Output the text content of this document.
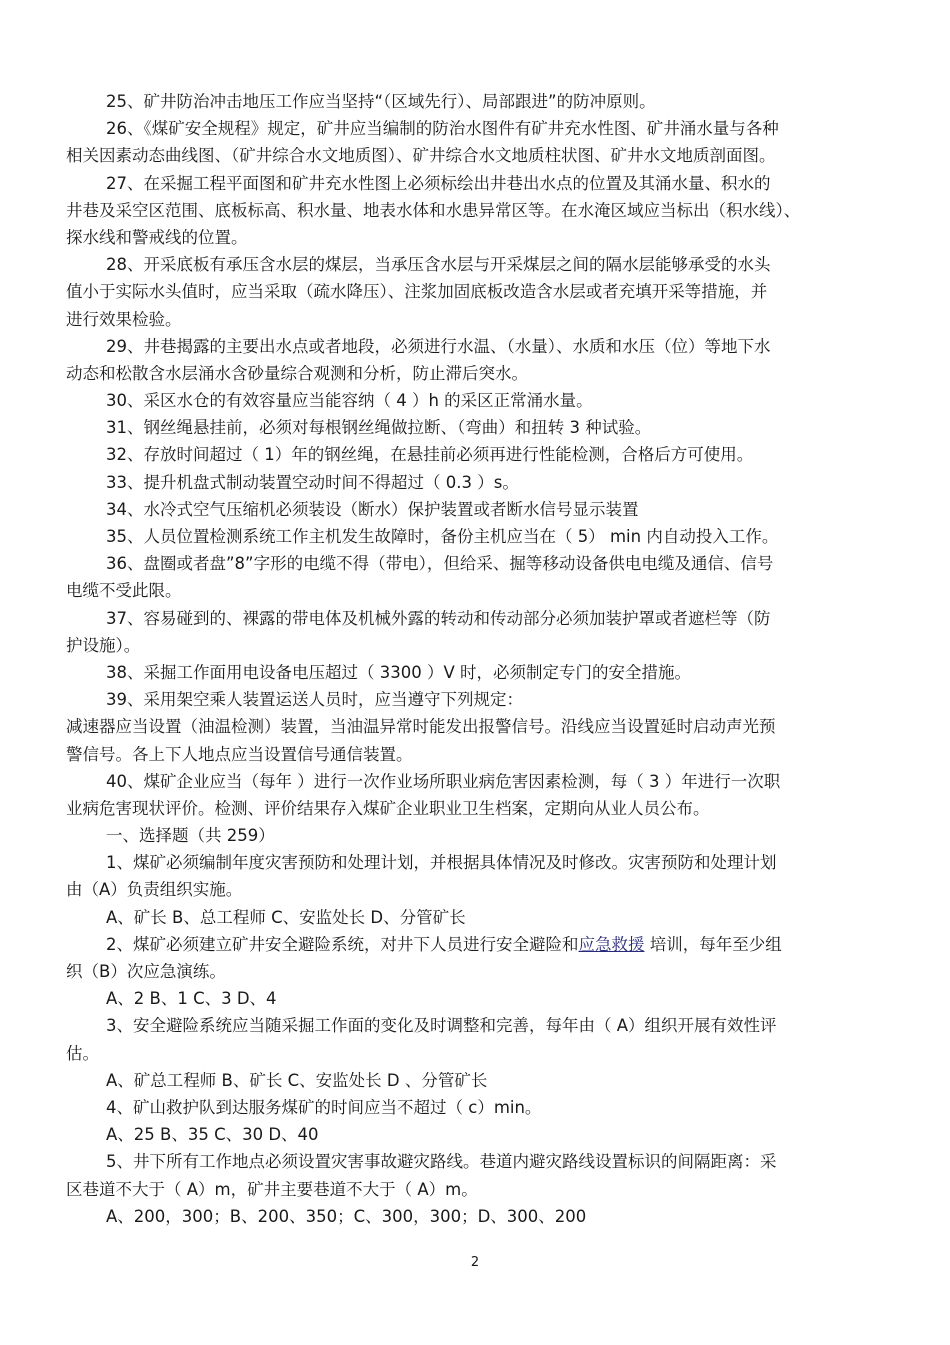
25、矿井防治冲击地压工作应当坚持“（区域先行）、局部跟进”的防冲原则。
26、《煤矿安全规程》规定，矿井应当编制的防治水图件有矿井充水性图、矿井涌水量与各种
相关因素动态曲线图、（矿井综合水文地质图）、矿井综合水文地质柱状图、矿井水文地质剖面图。
27、在采掘工程平面图和矿井充水性图上必须标绘出井巷出水点的位置及其涌水量、积水的
井巷及采空区范围、底板标高、积水量、地表水体和水患异常区等。在水淹区域应当标出（积水线）、
探水线和警戒线的位置。
28、开采底板有承压含水层的煤层，当承压含水层与开采煤层之间的隔水层能够承受的水头
值小于实际水头值时，应当采取（疏水降压）、注浆加固底板改造含水层或者充填开采等措施，并
进行效果检验。
29、井巷揭露的主要出水点或者地段，必须进行水温、（水量）、水质和水压（位）等地下水
动态和松散含水层涌水含砂量综合观测和分析，防止滞后突水。
30、采区水仓的有效容量应当能容纳（ 4 ）h 的采区正常涌水量。
31、钢丝绳悬挂前，必须对每根钢丝绳做拉断、（弯曲）和扭转 3 种试验。
32、存放时间超过（ 1）年的钢丝绳，在悬挂前必须再进行性能检测，合格后方可使用。
33、提升机盘式制动装置空动时间不得超过（ 0.3 ）s。
34、水冷式空气压缩机必须装设（断水）保护装置或者断水信号显示装置
35、人员位置检测系统工作主机发生故障时，备份主机应当在（ 5） min 内自动投入工作。
36、盘圈或者盘”8”字形的电缆不得（带电），但给采、掘等移动设备供电电缆及通信、信号
电缆不受此限。
37、容易碰到的、裸露的带电体及机械外露的转动和传动部分必须加装护罩或者遮栏等（防
护设施）。
38、采掘工作面用电设备电压超过（ 3300 ）V 时，必须制定专门的安全措施。
39、采用架空乘人装置运送人员时，应当遵守下列规定：
减速器应当设置（油温检测）装置，当油温异常时能发出报警信号。沿线应当设置延时启动声光预
警信号。各上下人地点应当设置信号通信装置。
40、煤矿企业应当（每年 ）进行一次作业场所职业病危害因素检测，每（ 3 ）年进行一次职
业病危害现状评价。检测、评价结果存入煤矿企业职业卫生档案，定期向从业人员公布。
一、选择题（共 259）
1、煤矿必须编制年度灾害预防和处理计划，并根据具体情况及时修改。灾害预防和处理计划
由（A）负责组织实施。
A、矿长 B、总工程师 C、安监处长 D、分管矿长
2、煤矿必须建立矿井安全避险系统，对井下人员进行安全避险和应急救援 培训，每年至少组
织（B）次应急演练。
A、2 B、1 C、3 D、4
3、安全避险系统应当随采掘工作面的变化及时调整和完善，每年由（ A）组织开展有效性评
估。
A、矿总工程师 B、矿长 C、安监处长 D 、分管矿长
4、矿山救护队到达服务煤矿的时间应当不超过（ c）min。
A、25 B、35 C、30 D、40
5、井下所有工作地点必须设置灾害事故避灾路线。巷道内避灾路线设置标识的间隔距离：采
区巷道不大于（ A）m，矿井主要巷道不大于（ A）m。
A、200，300；B、200、350；C、300，300；D、300、200
2
